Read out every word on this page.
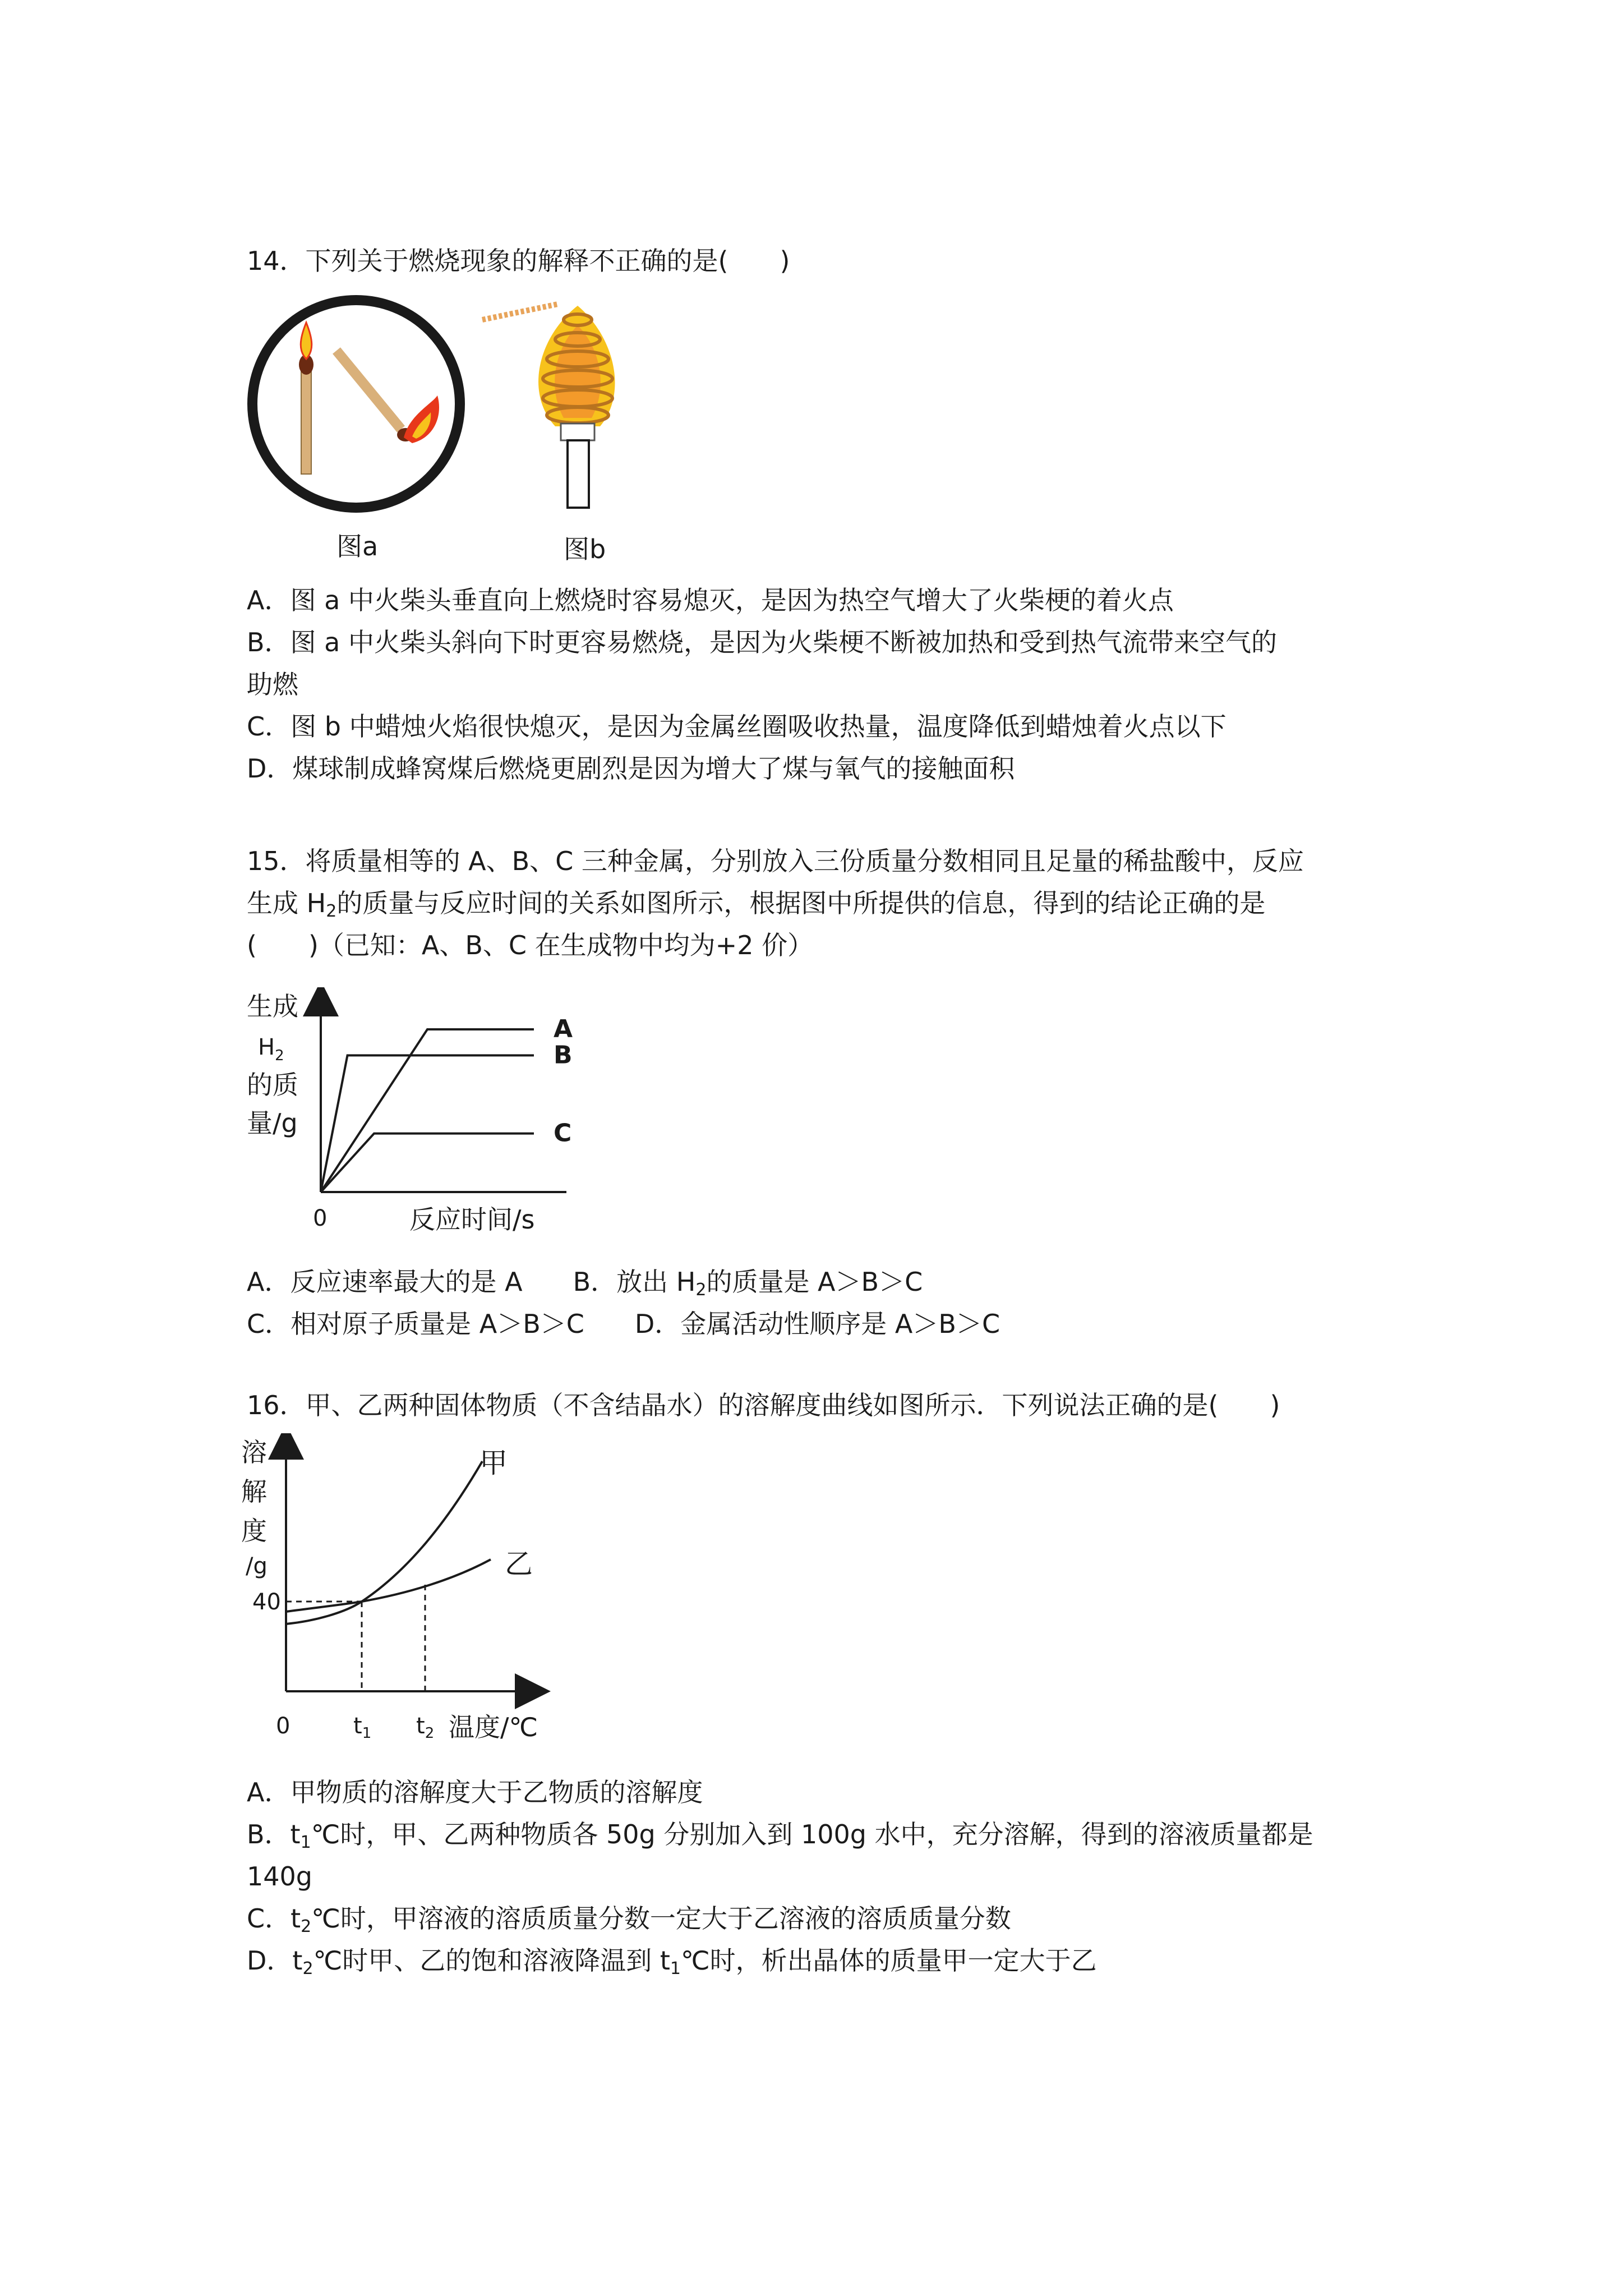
14．下列关于燃烧现象的解释不正确的是(　　)
图a	图b
A．图 a 中火柴头垂直向上燃烧时容易熄灭，是因为热空气增大了火柴梗的着火点
B．图 a 中火柴头斜向下时更容易燃烧，是因为火柴梗不断被加热和受到热气流带来空气的
助燃
C．图 b 中蜡烛火焰很快熄灭，是因为金属丝圈吸收热量，温度降低到蜡烛着火点以下
D．煤球制成蜂窝煤后燃烧更剧烈是因为增大了煤与氧气的接触面积
15．将质量相等的 A、B、C 三种金属，分别放入三份质量分数相同且足量的稀盐酸中，反应
生成 $H_2$的质量与反应时间的关系如图所示，根据图中所提供的信息，得到的结论正确的是
(　　)（已知：A、B、C 在生成物中均为+2 价）
A
B
C
生成
$H_2$
的质
量/g
0	反应时间/s
A．反应速率最大的是 A B．放出 $H_2$的质量是 A＞B＞C
C．相对原子质量是 A＞B＞C D．金属活动性顺序是 A＞B＞C
16．甲、乙两种固体物质（不含结晶水）的溶解度曲线如图所示．下列说法正确的是(　　)
溶
解
度
/g
40
0	$t_1$ $t_2$ 温度/℃
甲
乙
A．甲物质的溶解度大于乙物质的溶解度
B．$t_1℃$时，甲、乙两种物质各 50g 分别加入到 100g 水中，充分溶解，得到的溶液质量都是
140g
C．$t_2℃$时，甲溶液的溶质质量分数一定大于乙溶液的溶质质量分数
D．$t_2℃$时甲、乙的饱和溶液降温到 $t_1℃$时，析出晶体的质量甲一定大于乙
